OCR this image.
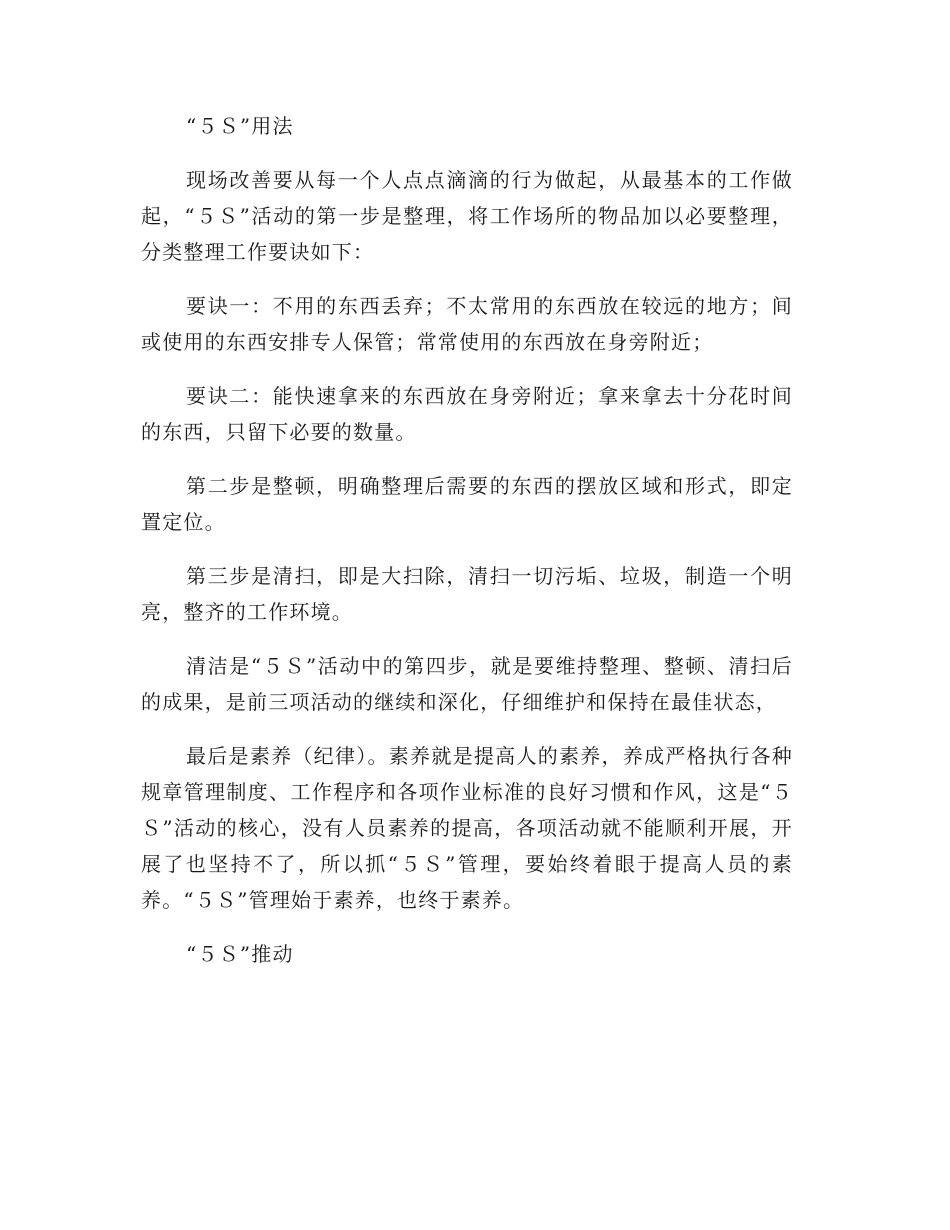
“５Ｓ”用法

现场改善要从每一个人点点滴滴的行为做起，从最基本的工作做起，“５Ｓ”活动的第一步是整理，将工作场所的物品加以必要整理，分类整理工作要诀如下：

要诀一：不用的东西丢弃；不太常用的东西放在较远的地方；间或使用的东西安排专人保管；常常使用的东西放在身旁附近；

要诀二：能快速拿来的东西放在身旁附近；拿来拿去十分花时间的东西，只留下必要的数量。

第二步是整顿，明确整理后需要的东西的摆放区域和形式，即定置定位。

第三步是清扫，即是大扫除，清扫一切污垢、垃圾，制造一个明亮，整齐的工作环境。

清洁是“５Ｓ”活动中的第四步，就是要维持整理、整顿、清扫后的成果，是前三项活动的继续和深化，仔细维护和保持在最佳状态，

最后是素养（纪律）。素养就是提高人的素养，养成严格执行各种规章管理制度、工作程序和各项作业标准的良好习惯和作风，这是“５Ｓ”活动的核心，没有人员素养的提高，各项活动就不能顺利开展，开展了也坚持不了，所以抓“５Ｓ”管理，要始终着眼于提高人员的素养。“５Ｓ”管理始于素养，也终于素养。

“５Ｓ”推动
